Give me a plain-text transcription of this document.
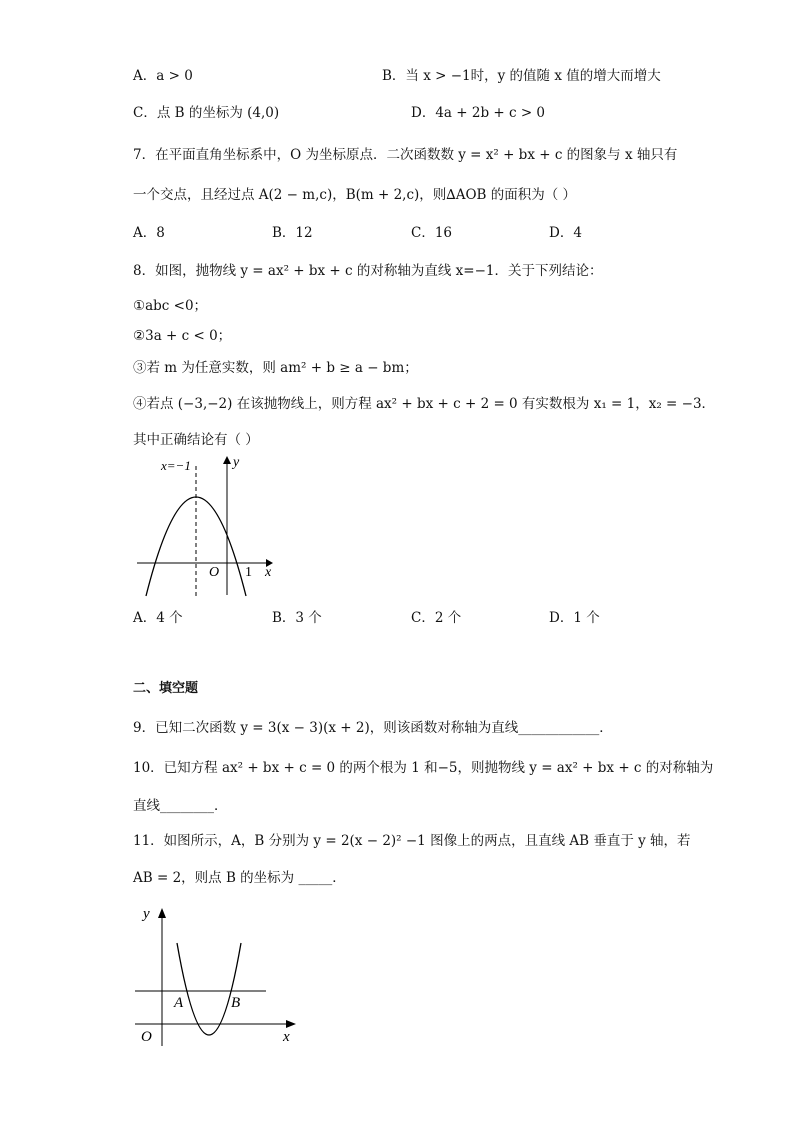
A．a > 0	B．当 x > −1时，y 的值随 x 值的增大而增大
C．点 B 的坐标为 (4,0)	D．4a + 2b + c > 0
7．在平面直角坐标系中，O 为坐标原点．二次函数数 y = x² + bx + c 的图象与 x 轴只有
一个交点，且经过点 A(2 − m,c)，B(m + 2,c)，则∆AOB 的面积为（ ）
A．8	B．12	C．16	D．4
8．如图，抛物线 y = ax² + bx + c 的对称轴为直线 x=−1．关于下列结论：
①abc <0；
②3a + c < 0；
③若 m 为任意实数，则 am² + b ≥ a − bm；
④若点 (−3,−2) 在该抛物线上，则方程 ax² + bx + c + 2 = 0 有实数根为 x₁ = 1，x₂ = −3．
其中正确结论有（ ）
x=−1	y
O 1 x
A．4 个	B．3 个	C．2 个	D．1 个
二、填空题
9．已知二次函数 y = 3(x − 3)(x + 2)，则该函数对称轴为直线____________．
10．已知方程 ax² + bx + c = 0 的两个根为 1 和−5，则抛物线 y = ax² + bx + c 的对称轴为
直线________．
11．如图所示，A，B 分别为 y = 2(x − 2)² −1 图像上的两点，且直线 AB 垂直于 y 轴，若
AB = 2，则点 B 的坐标为 _____．
y
x
O
A	B
